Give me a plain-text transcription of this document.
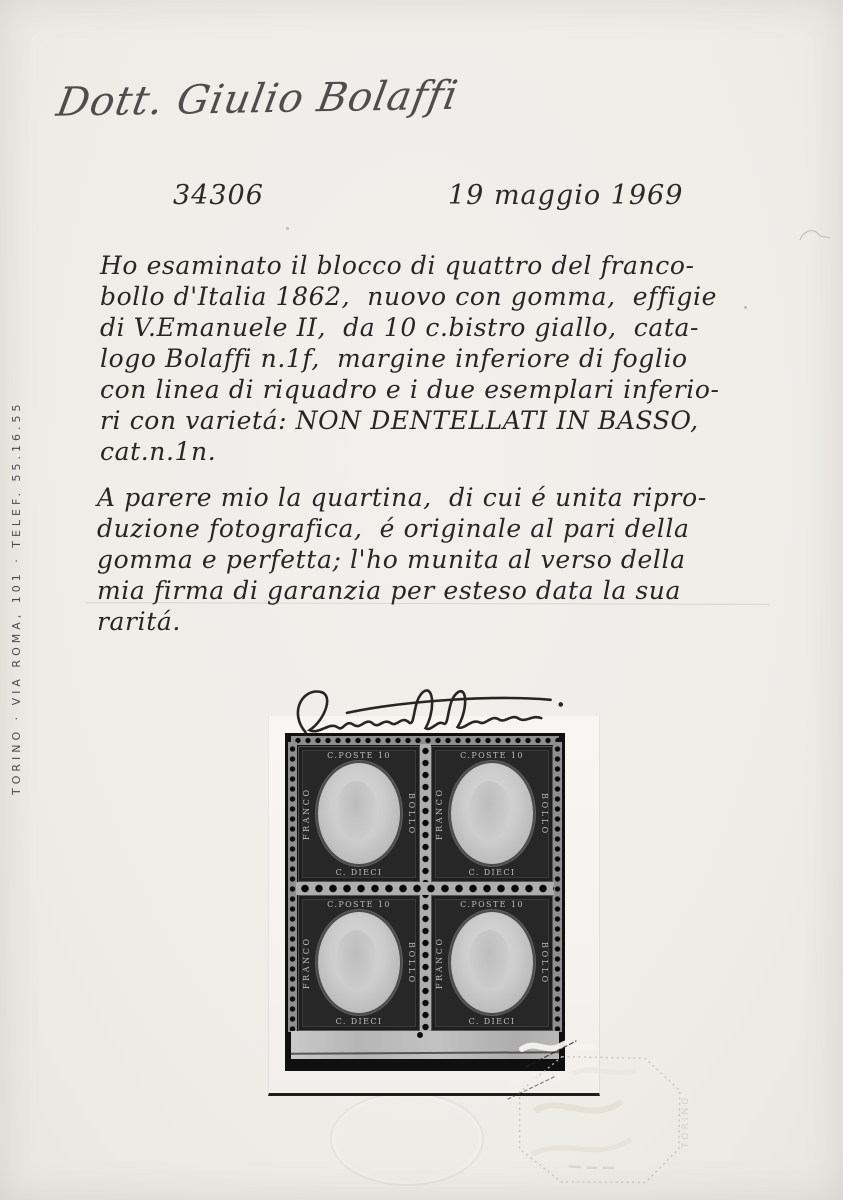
Dott. Giulio Bolaffi
34306	19 maggio 1969
TORINO · VIA ROMA, 101 · TELEF. 55.16.55
Ho esaminato il blocco di quattro del franco-
bollo d'Italia 1862,  nuovo con gomma,  effigie
di V.Emanuele II,  da 10 c.bistro giallo,  cata-
logo Bolaffi n.1f,  margine inferiore di foglio
con linea di riquadro e i due esemplari inferio-
ri con varietá: NON DENTELLATI IN BASSO,
cat.n.1n.
A parere mio la quartina,  di cui é unita ripro-
duzione fotografica,  é originale al pari della
gomma e perfetta; l'ho munita al verso della
mia firma di garanzia per esteso data la sua
raritá.
C.POSTE 10
FRANCO	BOLLO
C. DIECI
C.POSTE 10
FRANCO	BOLLO
C. DIECI
C.POSTE 10
FRANCO	BOLLO
C. DIECI
C.POSTE 10
FRANCO	BOLLO
C. DIECI
TORINO
